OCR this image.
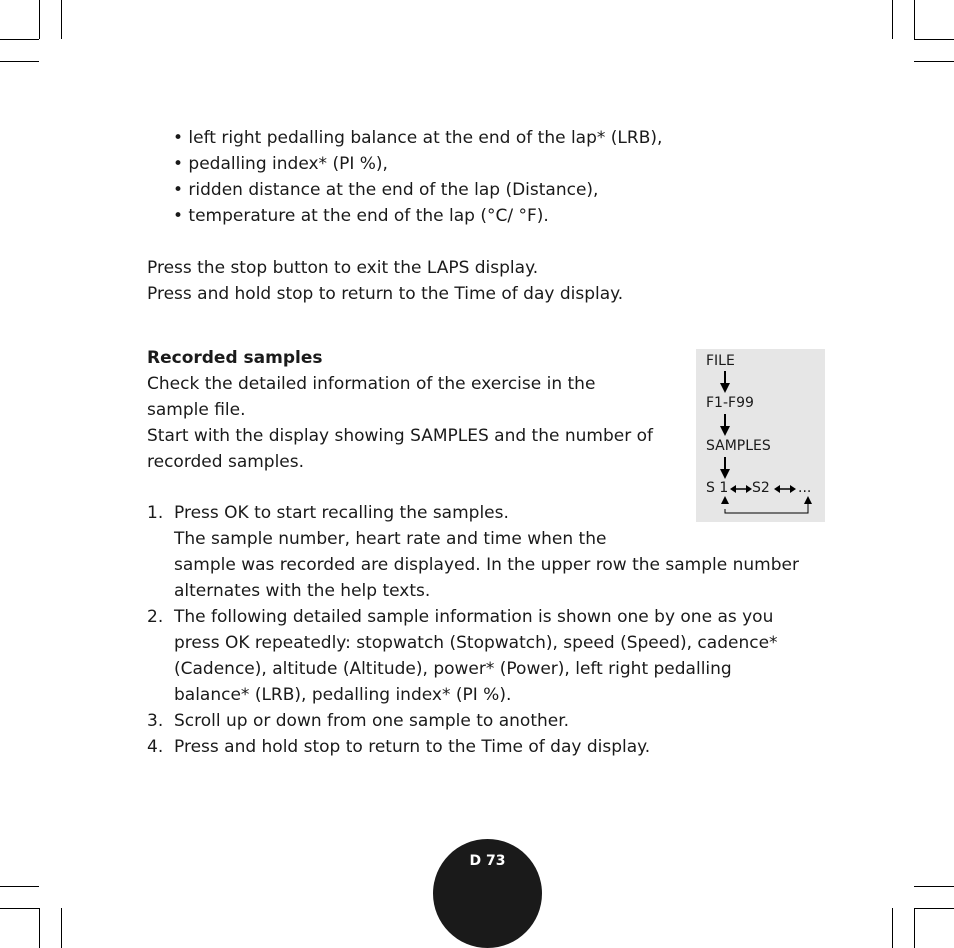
• left right pedalling balance at the end of the lap* (LRB),
• pedalling index* (PI %),
• ridden distance at the end of the lap (Distance),
• temperature at the end of the lap (°C/ °F).
Press the stop button to exit the LAPS display.
Press and hold stop to return to the Time of day display.
Recorded samples
Check the detailed information of the exercise in the
sample file.
Start with the display showing SAMPLES and the number of
recorded samples.
1. Press OK to start recalling the samples.
The sample number, heart rate and time when the
sample was recorded are displayed. In the upper row the sample number
alternates with the help texts.
2. The following detailed sample information is shown one by one as you
press OK repeatedly: stopwatch (Stopwatch), speed (Speed), cadence*
(Cadence), altitude (Altitude), power* (Power), left right pedalling
balance* (LRB), pedalling index* (PI %).
3. Scroll up or down from one sample to another.
4. Press and hold stop to return to the Time of day display.
FILE
F1-F99
SAMPLES
S 1 S2 ...
D 73
